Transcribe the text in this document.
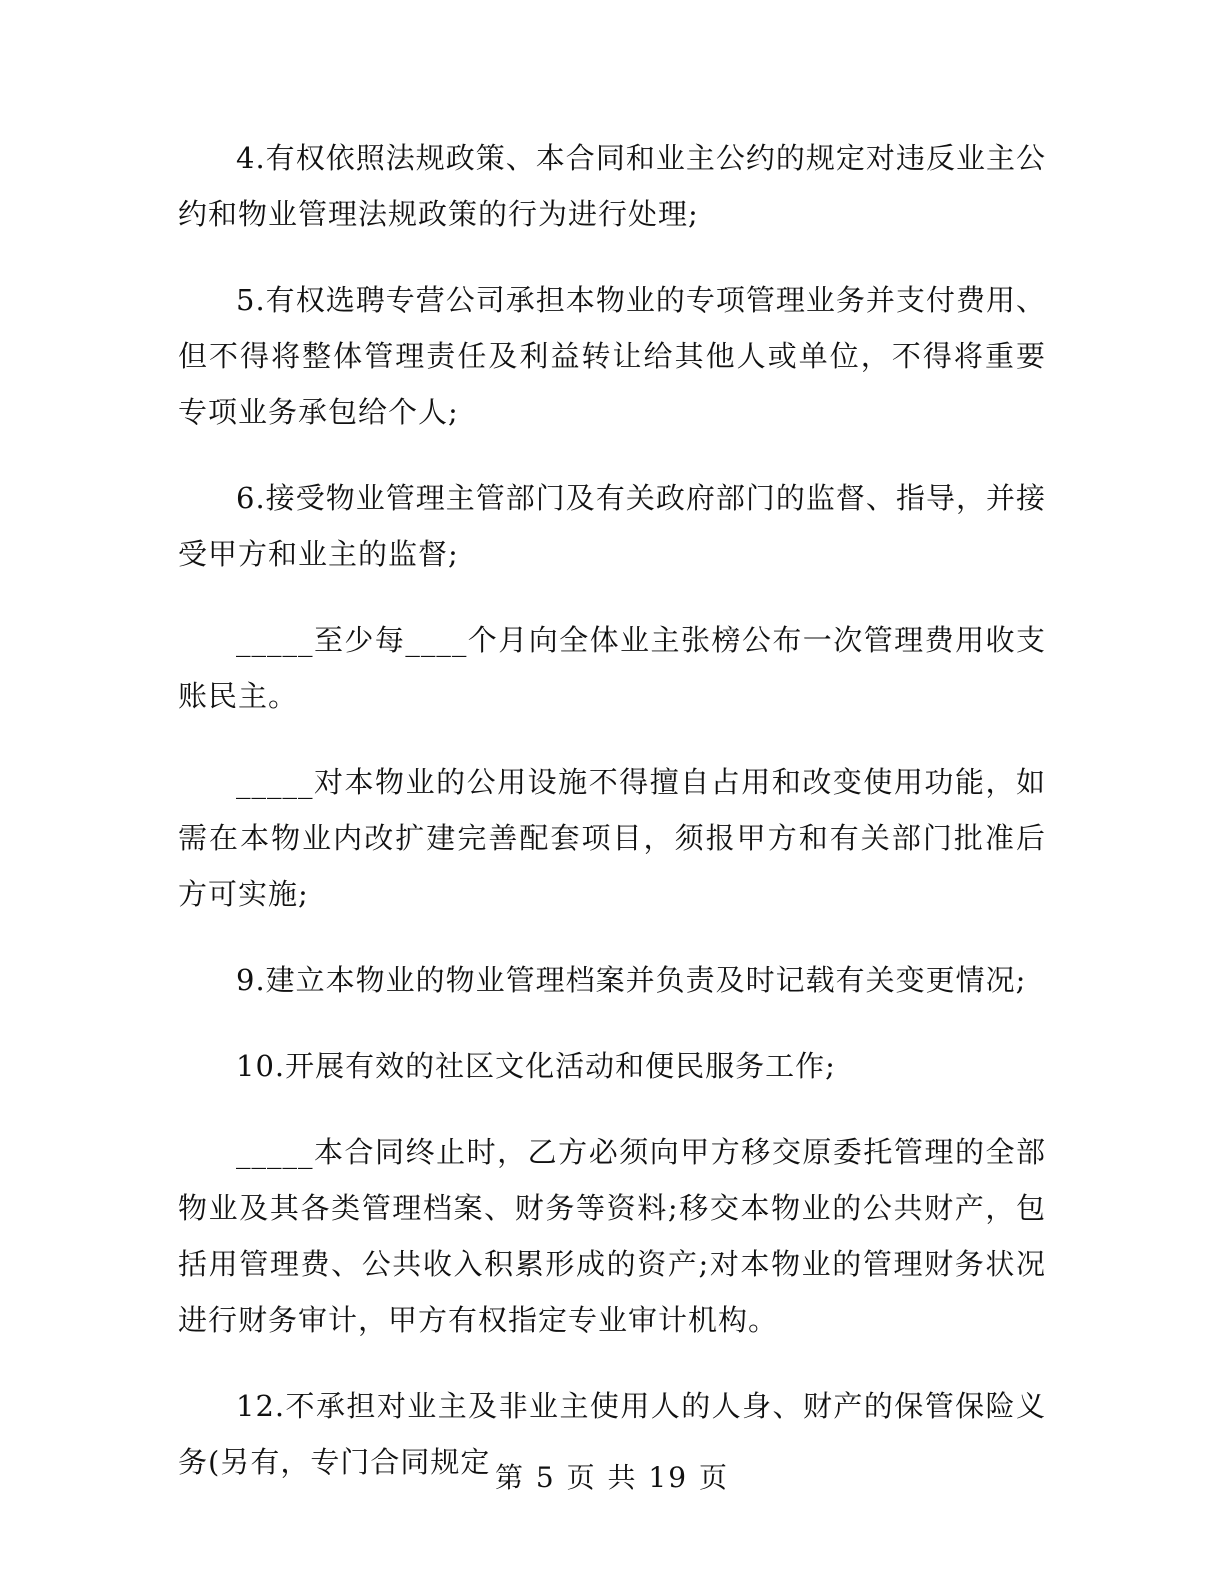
4.有权依照法规政策、本合同和业主公约的规定对违反业主公约和物业管理法规政策的行为进行处理;

5.有权选聘专营公司承担本物业的专项管理业务并支付费用、但不得将整体管理责任及利益转让给其他人或单位，不得将重要专项业务承包给个人;

6.接受物业管理主管部门及有关政府部门的监督、指导，并接受甲方和业主的监督;

_____至少每____个月向全体业主张榜公布一次管理费用收支账民主。

_____对本物业的公用设施不得擅自占用和改变使用功能，如需在本物业内改扩建完善配套项目，须报甲方和有关部门批准后方可实施;

9.建立本物业的物业管理档案并负责及时记载有关变更情况;

10.开展有效的社区文化活动和便民服务工作;

_____本合同终止时，乙方必须向甲方移交原委托管理的全部物业及其各类管理档案、财务等资料;移交本物业的公共财产，包括用管理费、公共收入积累形成的资产;对本物业的管理财务状况进行财务审计，甲方有权指定专业审计机构。

12.不承担对业主及非业主使用人的人身、财产的保管保险义务(另有，专门合同规定 第 5 页 共 19 页
